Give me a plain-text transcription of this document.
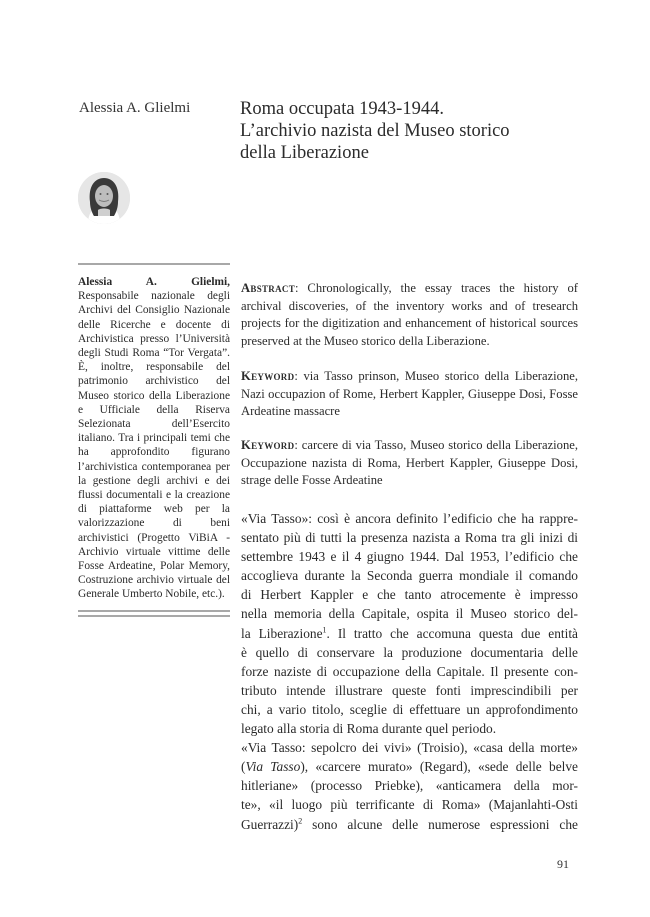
Alessia A. Glielmi	Roma occupata 1943-1944.
L’archivio nazista del Museo storico
della Liberazione
Alessia A. Glielmi, Responsabile nazionale degli Archivi del Consiglio Nazionale delle Ricerche e docente di Archivistica presso l’Università degli Studi Roma “Tor Vergata”. È, inoltre, responsabile del patrimonio archivistico del Museo storico della Liberazione e Ufficiale della Riserva Selezionata dell’Esercito italiano. Tra i principali temi che ha approfondito figurano l’archivistica contemporanea per la gestione degli archivi e dei flussi documentali e la creazione di piattaforme web per la valorizzazione di beni archivistici (Progetto ViBiA - Archivio virtuale vittime delle Fosse Ardeatine, Polar Memory, Costruzione archivio virtuale del Generale Umberto Nobile, etc.).

Abstract: Chronologically, the essay traces the history of archival discoveries, of the inventory works and of tresearch projects for the digitization and enhancement of historical sources preserved at the Museo storico della Liberazione.

Keyword: via Tasso prinson, Museo storico della Liberazione, Nazi occupazion of Rome, Herbert Kappler, Giuseppe Dosi, Fosse Ardeatine massacre

Keyword: carcere di via Tasso, Museo storico della Liberazione, Occupazione nazista di Roma, Herbert Kappler, Giuseppe Dosi, strage delle Fosse Ardeatine

«Via Tasso»: così è ancora definito l’edificio che ha rappre-
sentato più di tutti la presenza nazista a Roma tra gli inizi di
settembre 1943 e il 4 giugno 1944. Dal 1953, l’edificio che
accoglieva durante la Seconda guerra mondiale il comando
di Herbert Kappler e che tanto atrocemente è impresso
nella memoria della Capitale, ospita il Museo storico del-
la Liberazione$^1$. Il tratto che accomuna questa due entità
è quello di conservare la produzione documentaria delle
forze naziste di occupazione della Capitale. Il presente con-
tributo intende illustrare queste fonti imprescindibili per
chi, a vario titolo, sceglie di effettuare un approfondimento
legato alla storia di Roma durante quel periodo.

«Via Tasso: sepolcro dei vivi» (Troisio), «casa della morte»
(Via Tasso), «carcere murato» (Regard), «sede delle belve
hitleriane» (processo Priebke), «anticamera della mor-
te», «il luogo più terrificante di Roma» (Majanlahti-Osti
Guerrazzi)$^2$ sono alcune delle numerose espressioni che

91
